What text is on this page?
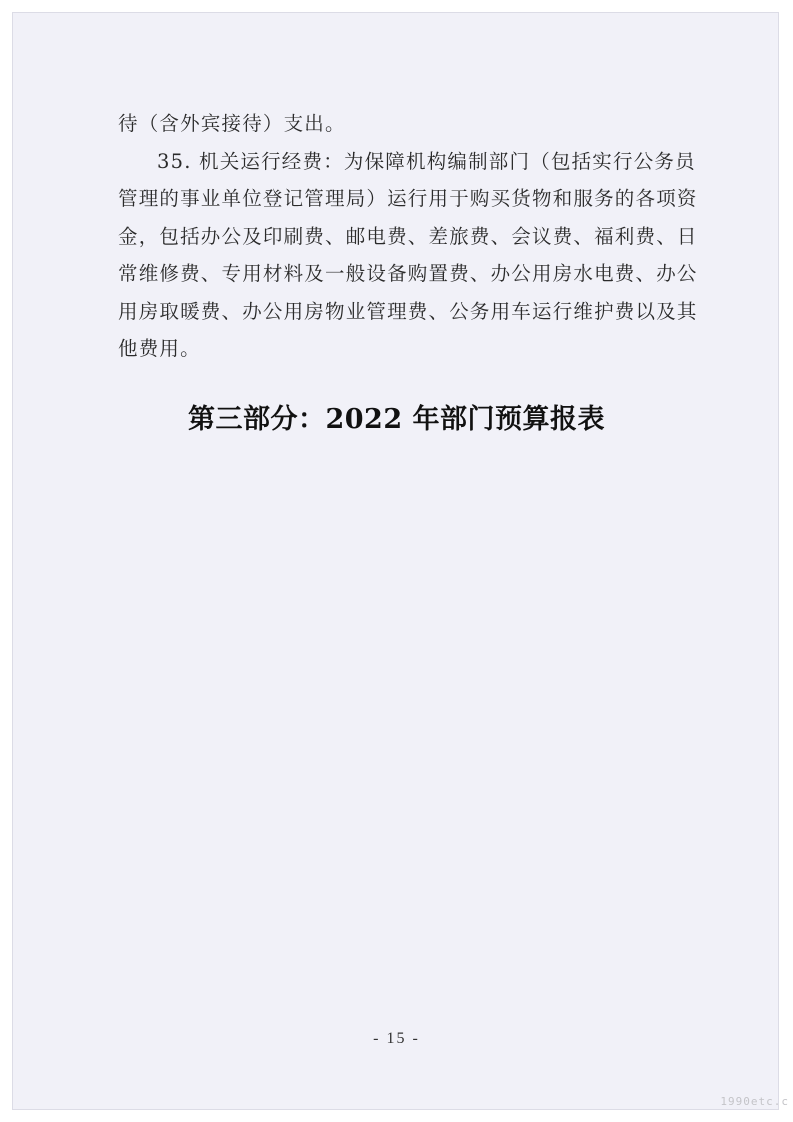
待（含外宾接待）支出。

35. 机关运行经费：为保障机构编制部门（包括实行公务员管理的事业单位登记管理局）运行用于购买货物和服务的各项资金，包括办公及印刷费、邮电费、差旅费、会议费、福利费、日常维修费、专用材料及一般设备购置费、办公用房水电费、办公用房取暖费、办公用房物业管理费、公务用车运行维护费以及其他费用。

第三部分：2022 年部门预算报表
- 15 -
1990etc.c
